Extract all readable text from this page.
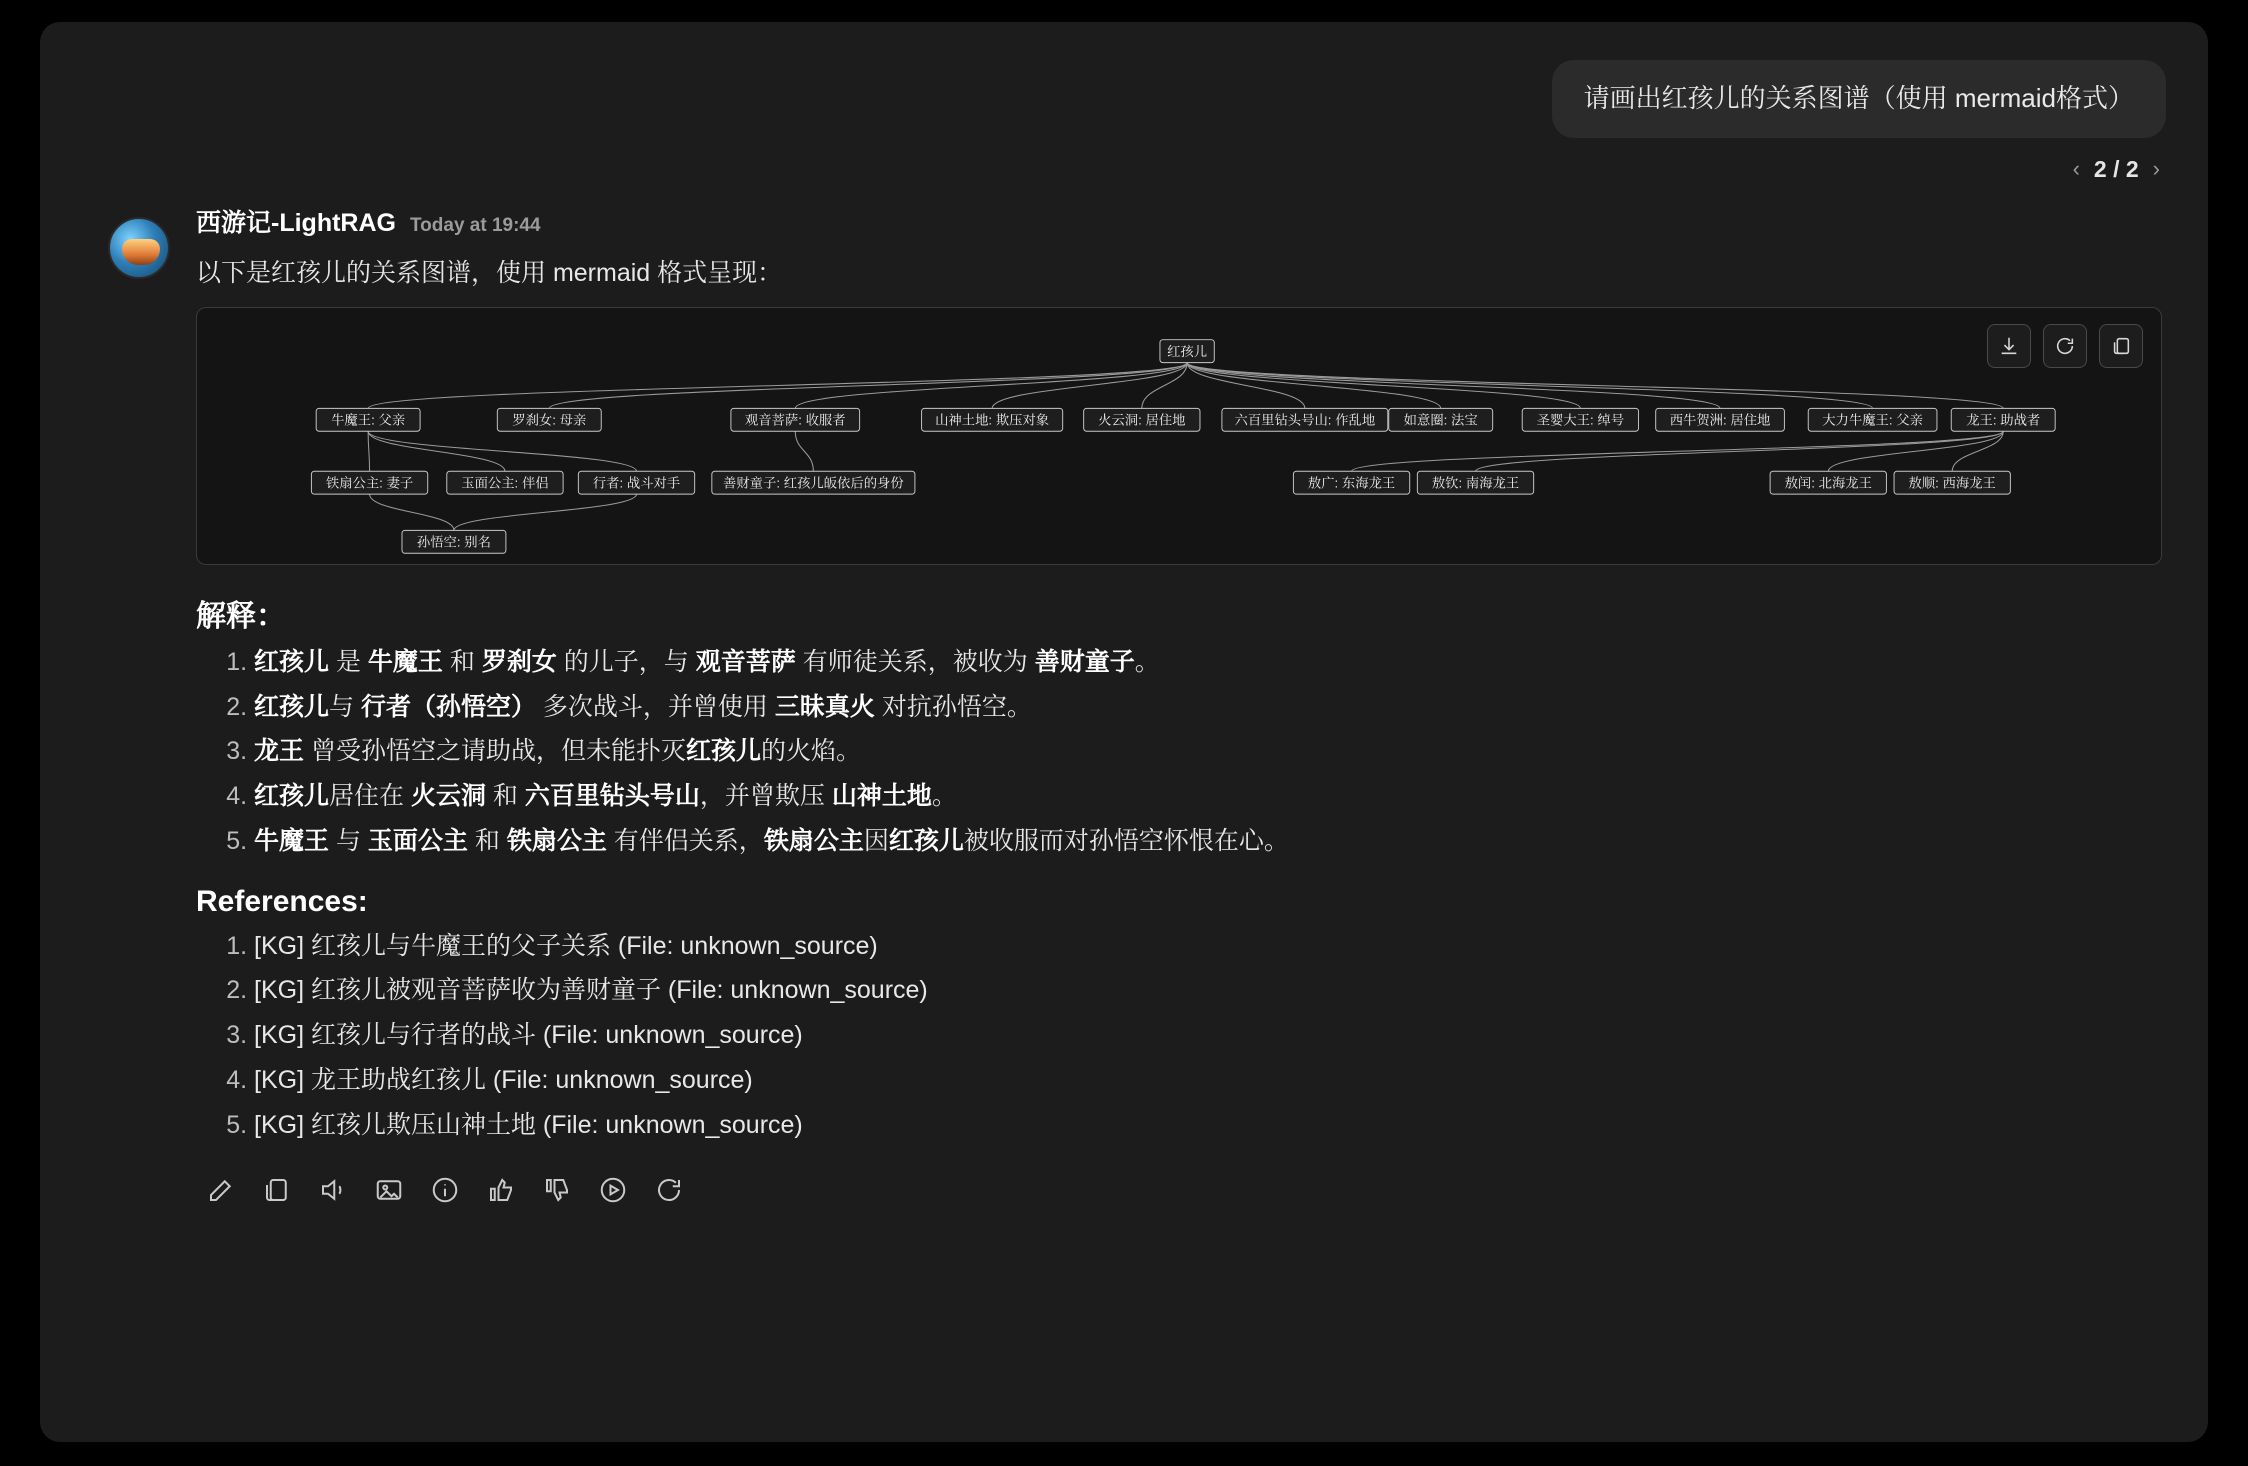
请画出红孩儿的关系图谱（使用 mermaid格式）
‹ 2 / 2 ›
西游记-LightRAG Today at 19:44
以下是红孩儿的关系图谱，使用 mermaid 格式呈现：
红孩儿
牛魔王: 父亲	罗刹女: 母亲	观音菩萨: 收服者	山神土地: 欺压对象	火云洞: 居住地	六百里钻头号山: 作乱地 如意圈: 法宝	圣婴大王: 绰号	西牛贺洲: 居住地	大力牛魔王: 父亲	龙王: 助战者
铁扇公主: 妻子	玉面公主: 伴侣	行者: 战斗对手	善财童子: 红孩儿皈依后的身份	敖广: 东海龙王	敖钦: 南海龙王	敖闰: 北海龙王	敖顺: 西海龙王
孙悟空: 别名
解释：
1. 红孩儿 是 牛魔王 和 罗刹女 的儿子，与 观音菩萨 有师徒关系，被收为 善财童子。
2. 红孩儿与 行者（孙悟空） 多次战斗，并曾使用 三昧真火 对抗孙悟空。
3. 龙王 曾受孙悟空之请助战，但未能扑灭红孩儿的火焰。
4. 红孩儿居住在 火云洞 和 六百里钻头号山，并曾欺压 山神土地。
5. 牛魔王 与 玉面公主 和 铁扇公主 有伴侣关系，铁扇公主因红孩儿被收服而对孙悟空怀恨在心。
References:
1. [KG] 红孩儿与牛魔王的父子关系 (File: unknown_source)
2. [KG] 红孩儿被观音菩萨收为善财童子 (File: unknown_source)
3. [KG] 红孩儿与行者的战斗 (File: unknown_source)
4. [KG] 龙王助战红孩儿 (File: unknown_source)
5. [KG] 红孩儿欺压山神土地 (File: unknown_source)
